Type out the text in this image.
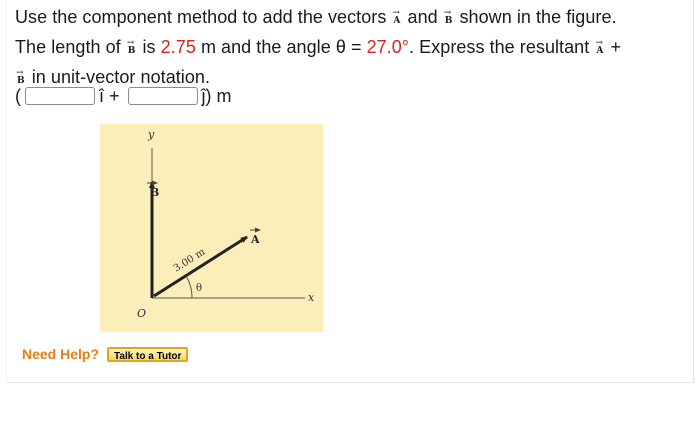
Use the component method to add the vectors →
A and →
B shown in the figure.
The length of →
B is 2.75 m and the angle θ = 27.0°. Express the resultant →
A +

→
B in unit-vector notation.
(	î +	ĵ) m
y
x
O
B
A
3.00 m
θ
Need Help?	Talk to a Tutor
